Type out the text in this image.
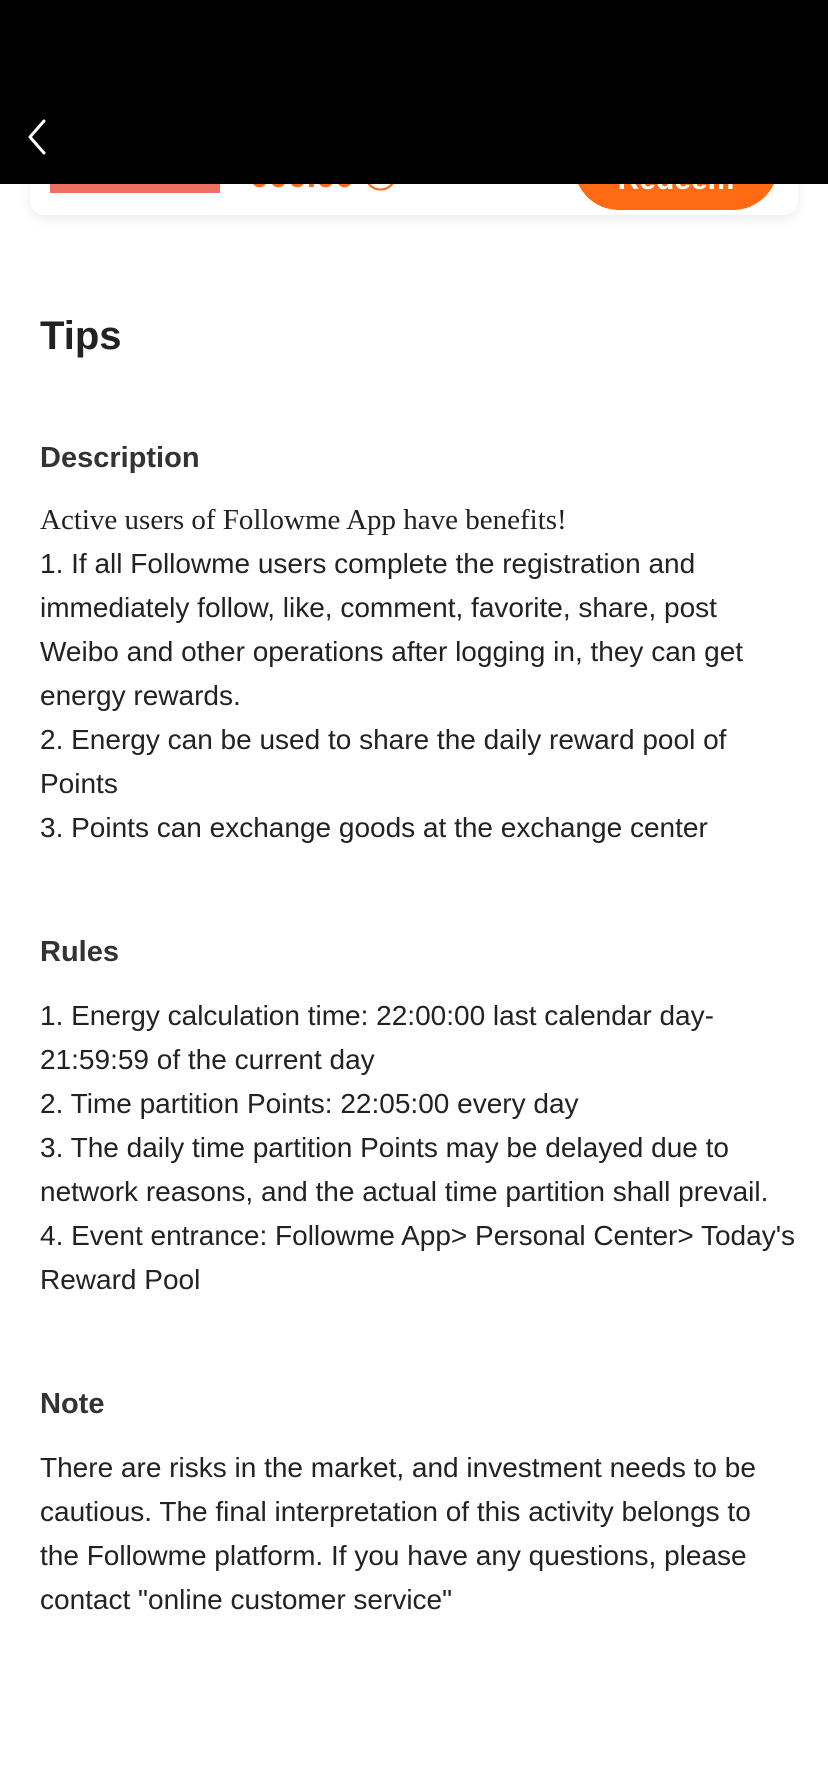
Tips
Description

Active users of Followme App have benefits!

1. If all Followme users complete the registration and immediately follow, like, comment, favorite, share, post Weibo and other operations after logging in, they can get energy rewards.

2. Energy can be used to share the daily reward pool of Points

3. Points can exchange goods at the exchange center

Rules

1. Energy calculation time: 22:00:00 last calendar day-21:59:59 of the current day

2. Time partition Points: 22:05:00 every day

3. The daily time partition Points may be delayed due to network reasons, and the actual time partition shall prevail.

4. Event entrance: Followme App> Personal Center> Today's Reward Pool

Note

There are risks in the market, and investment needs to be cautious. The final interpretation of this activity belongs to the Followme platform. If you have any questions, please contact "online customer service"
